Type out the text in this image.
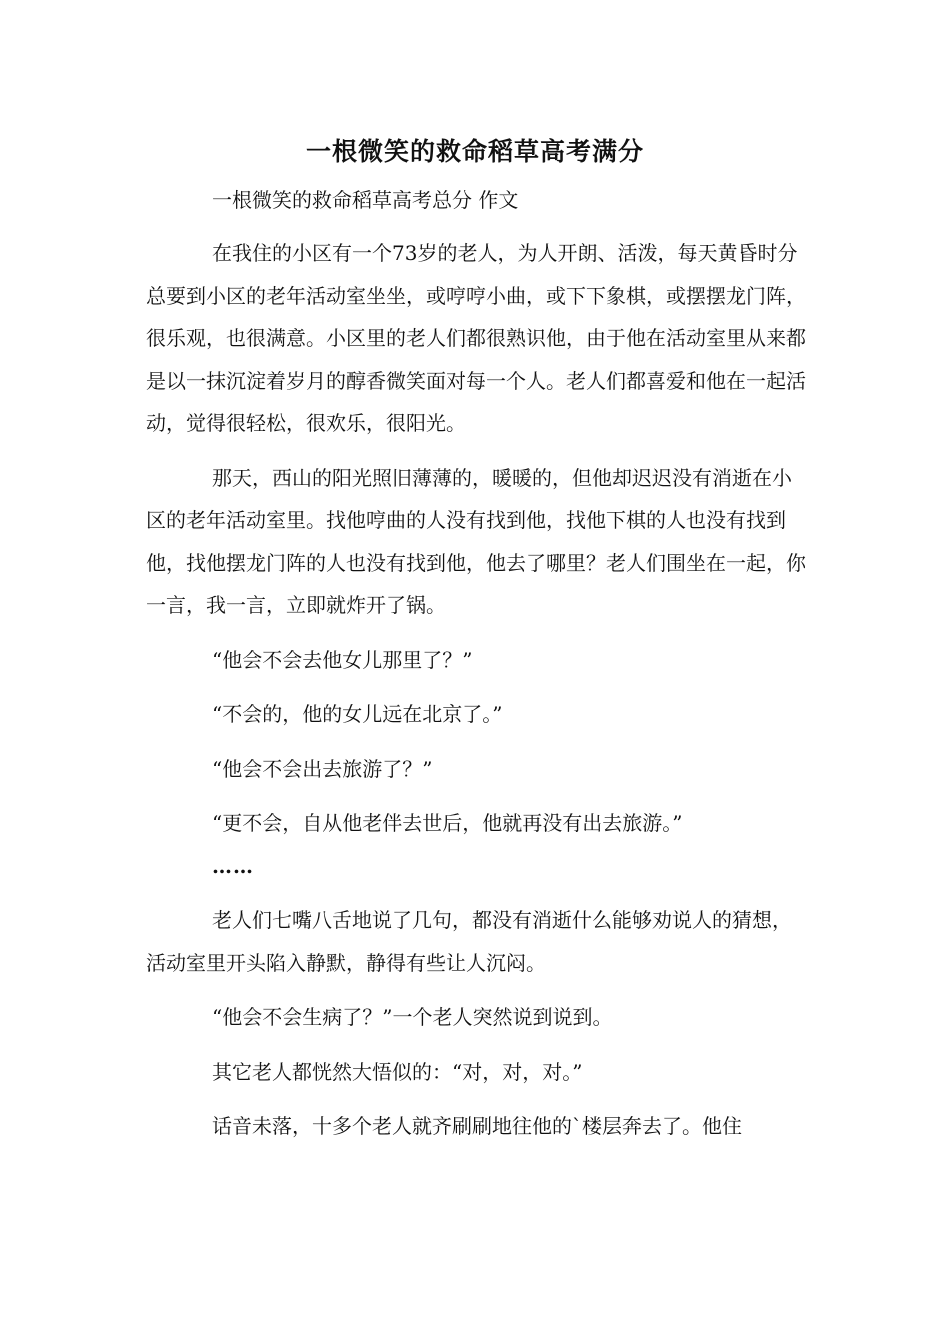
一根微笑的救命稻草高考满分
一根微笑的救命稻草高考总分 作文

在我住的小区有一个73岁的老人，为人开朗、活泼，每天黄昏时分总要到小区的老年活动室坐坐，或哼哼小曲，或下下象棋，或摆摆龙门阵，很乐观，也很满意。小区里的老人们都很熟识他，由于他在活动室里从来都是以一抹沉淀着岁月的醇香微笑面对每一个人。老人们都喜爱和他在一起活动，觉得很轻松，很欢乐，很阳光。

那天，西山的阳光照旧薄薄的，暖暖的，但他却迟迟没有消逝在小区的老年活动室里。找他哼曲的人没有找到他，找他下棋的人也没有找到他，找他摆龙门阵的人也没有找到他，他去了哪里？老人们围坐在一起，你一言，我一言，立即就炸开了锅。

“他会不会去他女儿那里了？”

“不会的，他的女儿远在北京了。”

“他会不会出去旅游了？”

“更不会，自从他老伴去世后，他就再没有出去旅游。”

……

老人们七嘴八舌地说了几句，都没有消逝什么能够劝说人的猜想，活动室里开头陷入静默，静得有些让人沉闷。

“他会不会生病了？”一个老人突然说到说到。

其它老人都恍然大悟似的：“对，对，对。”

话音未落，十多个老人就齐刷刷地往他的`楼层奔去了。他住
